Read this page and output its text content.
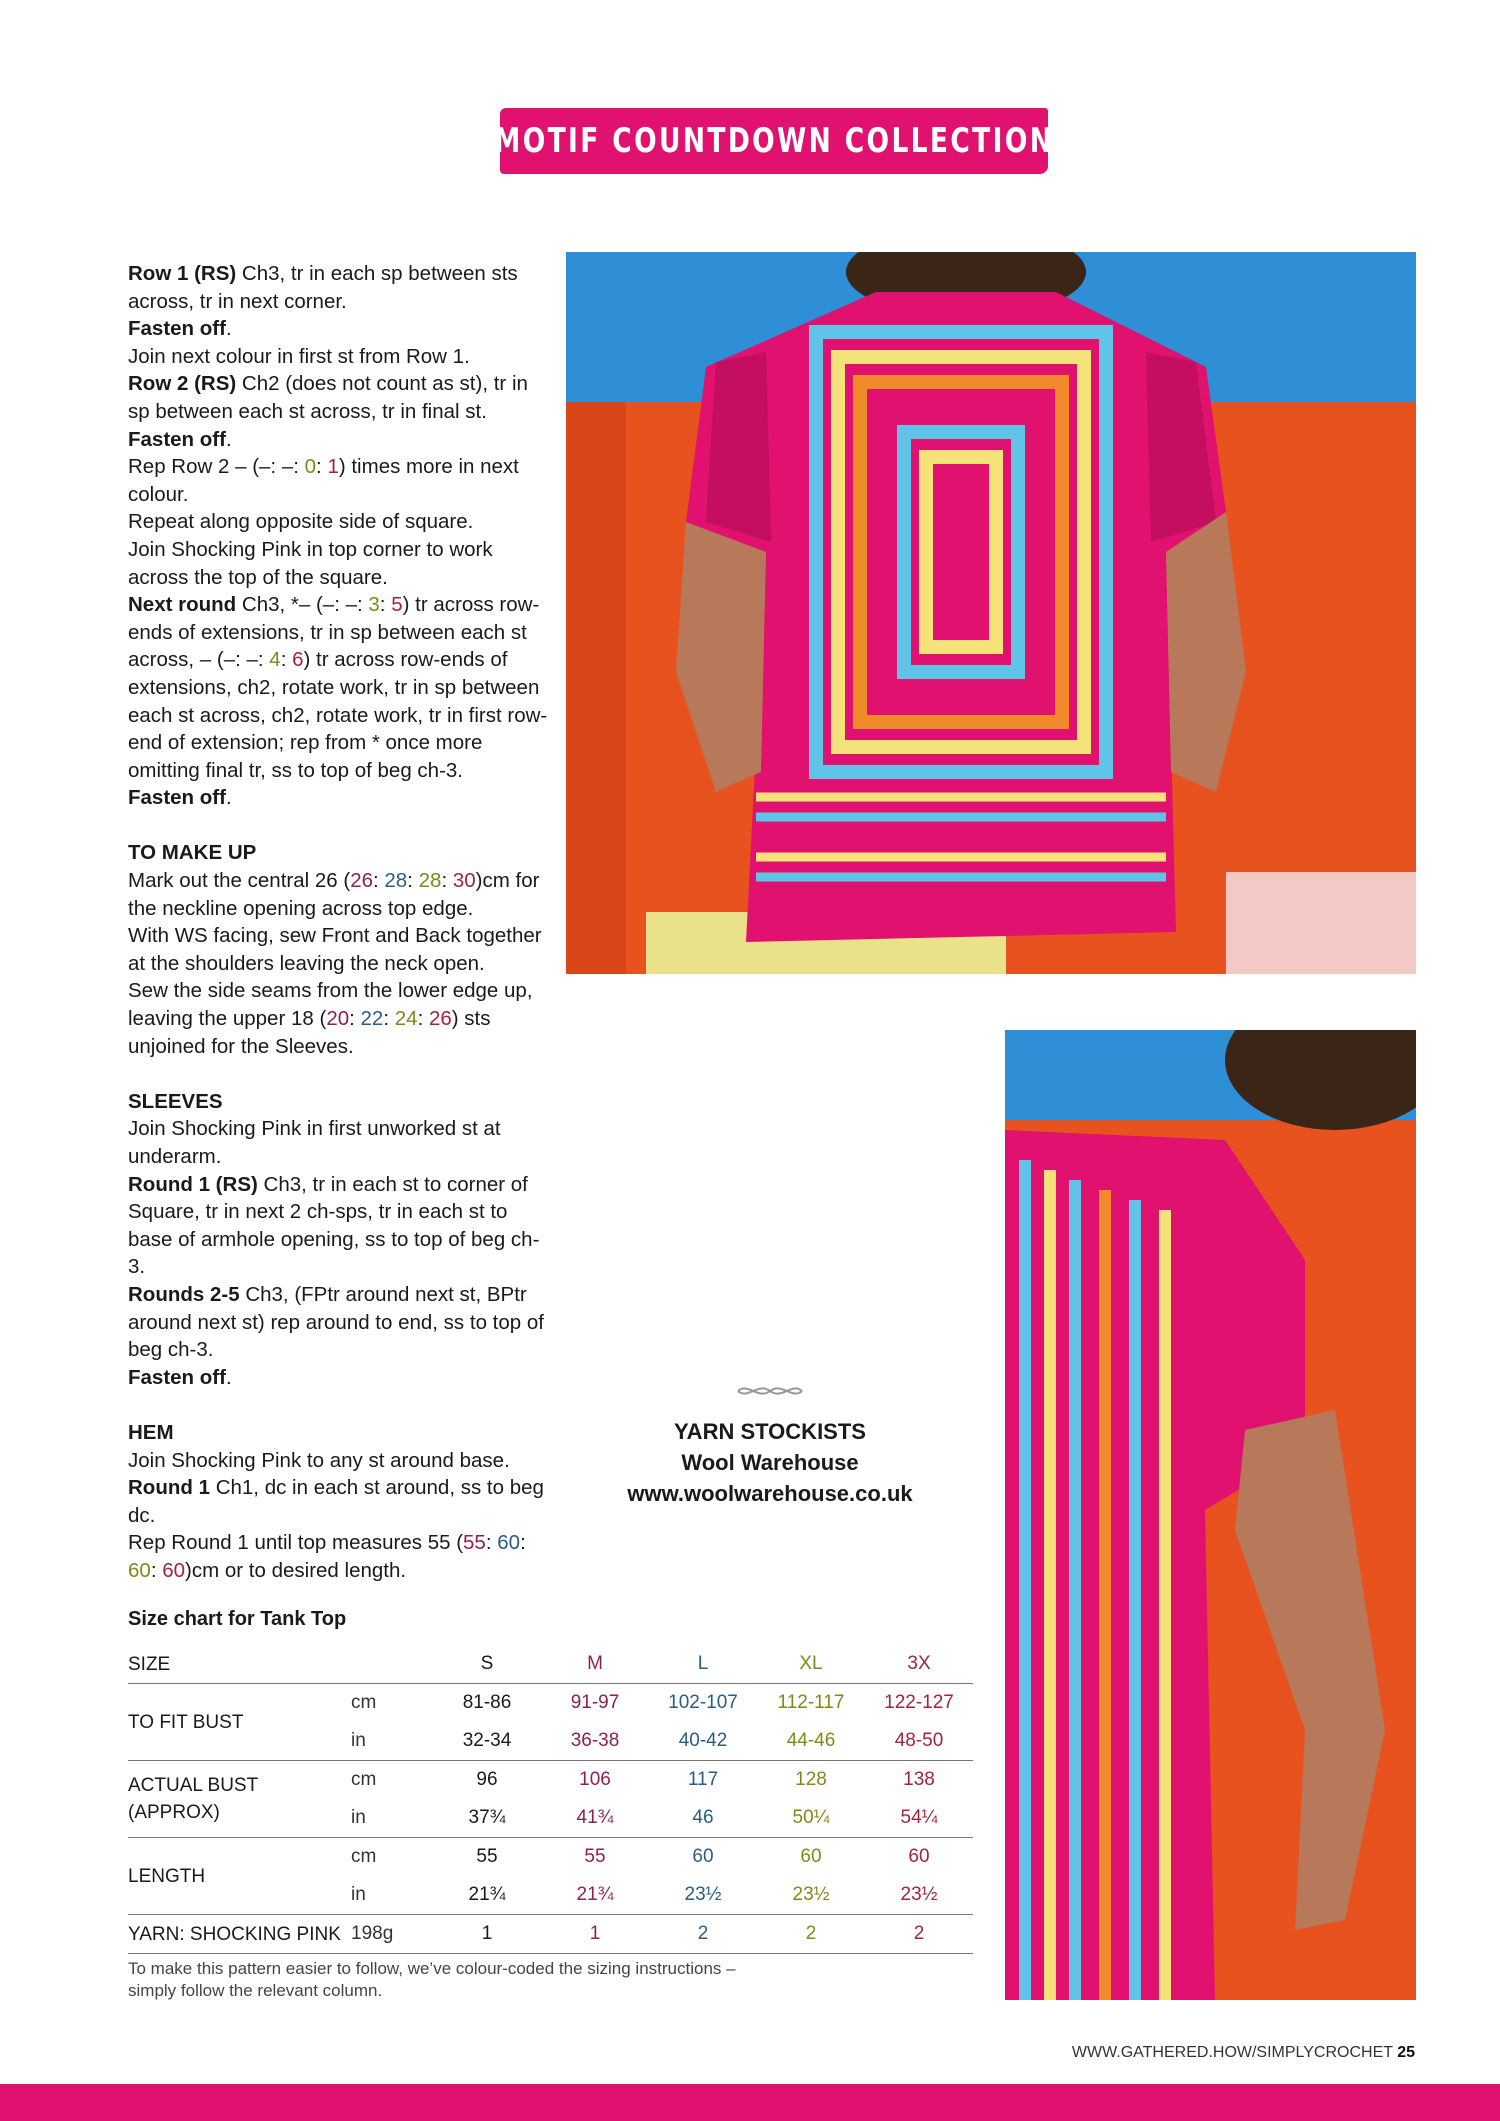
MOTIF COUNTDOWN COLLECTION

Row 1 (RS) Ch3, tr in each sp between sts across, tr in next corner.

Fasten off.

Join next colour in first st from Row 1.

Row 2 (RS) Ch2 (does not count as st), tr in sp between each st across, tr in final st.

Fasten off.

Rep Row 2 – (–: –: 0: 1) times more in next colour.

Repeat along opposite side of square.

Join Shocking Pink in top corner to work across the top of the square.

Next round Ch3, *– (–: –: 3: 5) tr across row-ends of extensions, tr in sp between each st across, – (–: –: 4: 6) tr across row-ends of extensions, ch2, rotate work, tr in sp between each st across, ch2, rotate work, tr in first row-end of extension; rep from * once more omitting final tr, ss to top of beg ch-3.

Fasten off.

TO MAKE UP

Mark out the central 26 (26: 28: 28: 30)cm for the neckline opening across top edge.

With WS facing, sew Front and Back together at the shoulders leaving the neck open.

Sew the side seams from the lower edge up, leaving the upper 18 (20: 22: 24: 26) sts unjoined for the Sleeves.

SLEEVES

Join Shocking Pink in first unworked st at underarm.

Round 1 (RS) Ch3, tr in each st to corner of Square, tr in next 2 ch-sps, tr in each st to base of armhole opening, ss to top of beg ch-3.

Rounds 2-5 Ch3, (FPtr around next st, BPtr around next st) rep around to end, ss to top of beg ch-3.

Fasten off.

HEM

Join Shocking Pink to any st around base.

Round 1 Ch1, dc in each st around, ss to beg dc.

Rep Round 1 until top measures 55 (55: 60: 60: 60)cm or to desired length.

YARN STOCKISTS
Wool Warehouse
www.woolwarehouse.co.uk
Size chart for Tank Top
SIZE		S	M	L	XL	3X
TO FIT BUST	cm	81-86	91-97	102-107	112-117	122-127
	in	32-34	36-38	40-42	44-46	48-50
ACTUAL BUST
(APPROX)	cm	96	106	117	128	138
	in	37¾	41¾	46	50¼	54¼
LENGTH	cm	55	55	60	60	60
	in	21¾	21¾	23½	23½	23½
YARN: SHOCKING PINK	198g	1	1	2	2	2
To make this pattern easier to follow, we’ve colour-coded the sizing instructions – simply follow the relevant column.
WWW.GATHERED.HOW/SIMPLYCROCHET 25
